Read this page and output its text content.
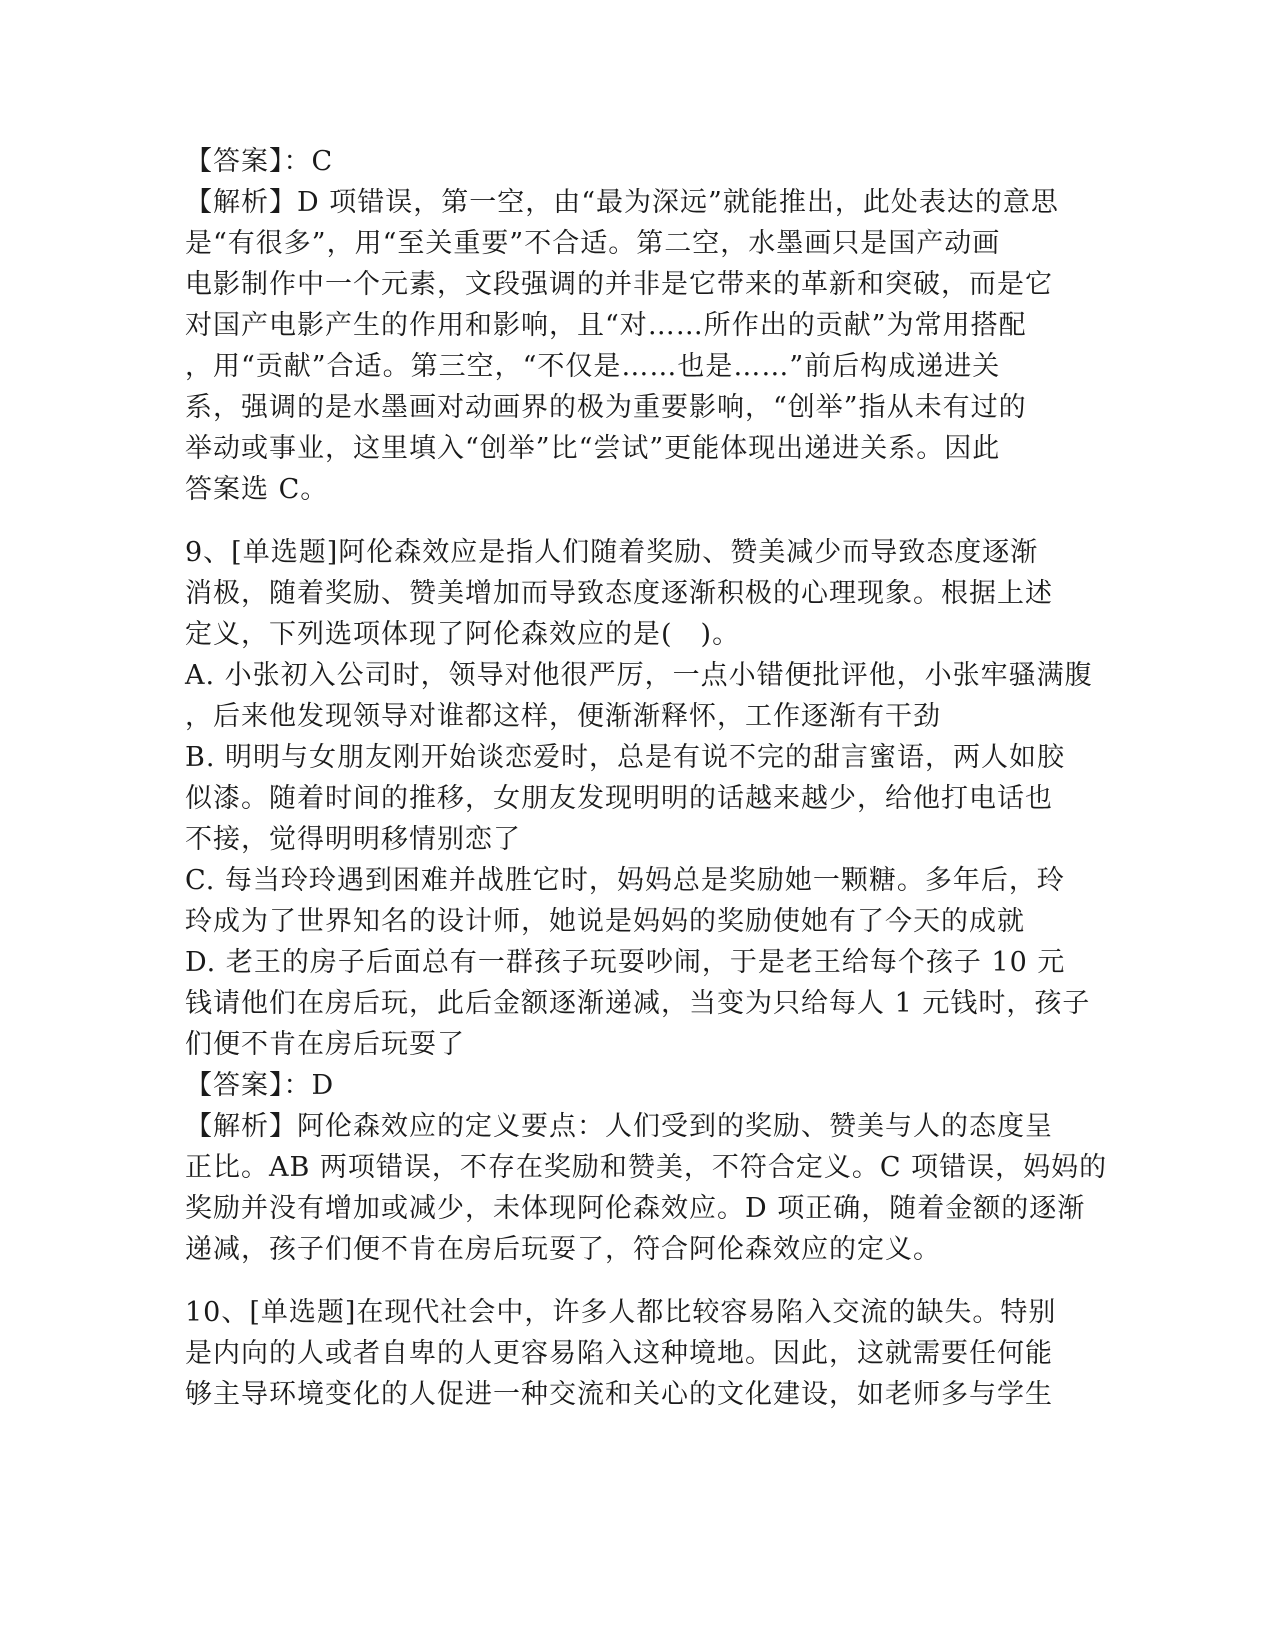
【答案】：C
【解析】D 项错误，第一空，由“最为深远”就能推出，此处表达的意思
是“有很多”，用“至关重要”不合适。第二空，水墨画只是国产动画
电影制作中一个元素，文段强调的并非是它带来的革新和突破，而是它
对国产电影产生的作用和影响，且“对……所作出的贡献”为常用搭配
，用“贡献”合适。第三空，“不仅是……也是……”前后构成递进关
系，强调的是水墨画对动画界的极为重要影响，“创举”指从未有过的
举动或事业，这里填入“创举”比“尝试”更能体现出递进关系。因此
答案选 C。
9、[单选题]阿伦森效应是指人们随着奖励、赞美减少而导致态度逐渐
消极，随着奖励、赞美增加而导致态度逐渐积极的心理现象。根据上述
定义，下列选项体现了阿伦森效应的是(　)。
A. 小张初入公司时，领导对他很严厉，一点小错便批评他，小张牢骚满腹
，后来他发现领导对谁都这样，便渐渐释怀，工作逐渐有干劲
B. 明明与女朋友刚开始谈恋爱时，总是有说不完的甜言蜜语，两人如胶
似漆。随着时间的推移，女朋友发现明明的话越来越少，给他打电话也
不接，觉得明明移情别恋了
C. 每当玲玲遇到困难并战胜它时，妈妈总是奖励她一颗糖。多年后，玲
玲成为了世界知名的设计师，她说是妈妈的奖励使她有了今天的成就
D. 老王的房子后面总有一群孩子玩耍吵闹，于是老王给每个孩子 10 元
钱请他们在房后玩，此后金额逐渐递减，当变为只给每人 1 元钱时，孩子
们便不肯在房后玩耍了
【答案】：D
【解析】阿伦森效应的定义要点：人们受到的奖励、赞美与人的态度呈
正比。AB 两项错误，不存在奖励和赞美，不符合定义。C 项错误，妈妈的
奖励并没有增加或减少，未体现阿伦森效应。D 项正确，随着金额的逐渐
递减，孩子们便不肯在房后玩耍了，符合阿伦森效应的定义。
10、[单选题]在现代社会中，许多人都比较容易陷入交流的缺失。特别
是内向的人或者自卑的人更容易陷入这种境地。因此，这就需要任何能
够主导环境变化的人促进一种交流和关心的文化建设，如老师多与学生
